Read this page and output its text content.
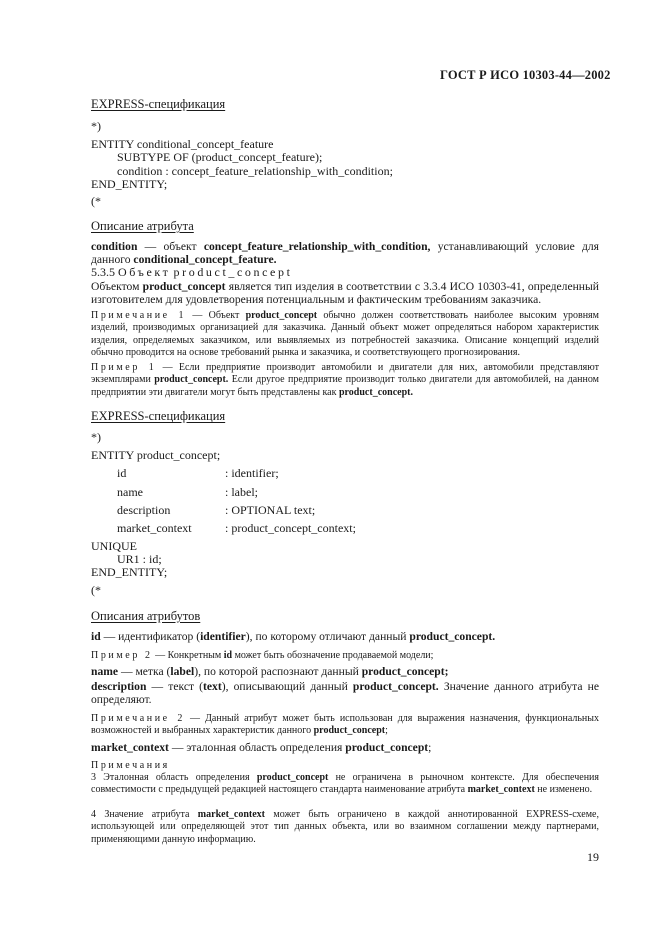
ГОСТ Р ИСО 10303-44—2002
EXPRESS-спецификация
*)
ENTITY conditional_concept_feature
SUBTYPE OF (product_concept_feature);
condition : concept_feature_relationship_with_condition;
END_ENTITY;
(*
Описание атрибута
condition — объект concept_feature_relationship_with_condition, устанавливающий условие для данного conditional_concept_feature.
5.3.5 Объект product_concept
Объектом product_concept является тип изделия в соответствии с 3.3.4 ИСО 10303-41, определенный изготовителем для удовлетворения потенциальным и фактическим требованиям заказчика.
Примечание 1 — Объект product_concept обычно должен соответствовать наиболее высоким уровням изделий, производимых организацией для заказчика. Данный объект может определяться набором характеристик изделия, определяемых заказчиком, или выявляемых из потребностей заказчика. Описание концепций изделий обычно проводится на основе требований рынка и заказчика, и соответствующего прогнозирования.
Пример 1 — Если предприятие производит автомобили и двигатели для них, автомобили представляют экземплярами product_concept. Если другое предприятие производит только двигатели для автомобилей, на данном предприятии эти двигатели могут быть представлены как product_concept.
EXPRESS-спецификация
*)
ENTITY product_concept;
id	: identifier;
name	: label;
description	: OPTIONAL text;
market_context	: product_concept_context;
UNIQUE
UR1 : id;
END_ENTITY;
(*
Описания атрибутов
id — идентификатор (identifier), по которому отличают данный product_concept.
Пример 2 — Конкретным id может быть обозначение продаваемой модели;
name — метка (label), по которой распознают данный product_concept;
description — текст (text), описывающий данный product_concept. Значение данного атрибута не определяют.
Примечание 2 — Данный атрибут может быть использован для выражения назначения, функциональных возможностей и выбранных характеристик данного product_concept;
market_context — эталонная область определения product_concept;
Примечания
3 Эталонная область определения product_concept не ограничена в рыночном контексте. Для обеспечения совместимости с предыдущей редакцией настоящего стандарта наименование атрибута market_context не изменено.
4 Значение атрибута market_context может быть ограничено в каждой аннотированной EXPRESS-схеме, использующей или определяющей этот тип данных объекта, или во взаимном соглашении между партнерами, применяющими данную информацию.
19
